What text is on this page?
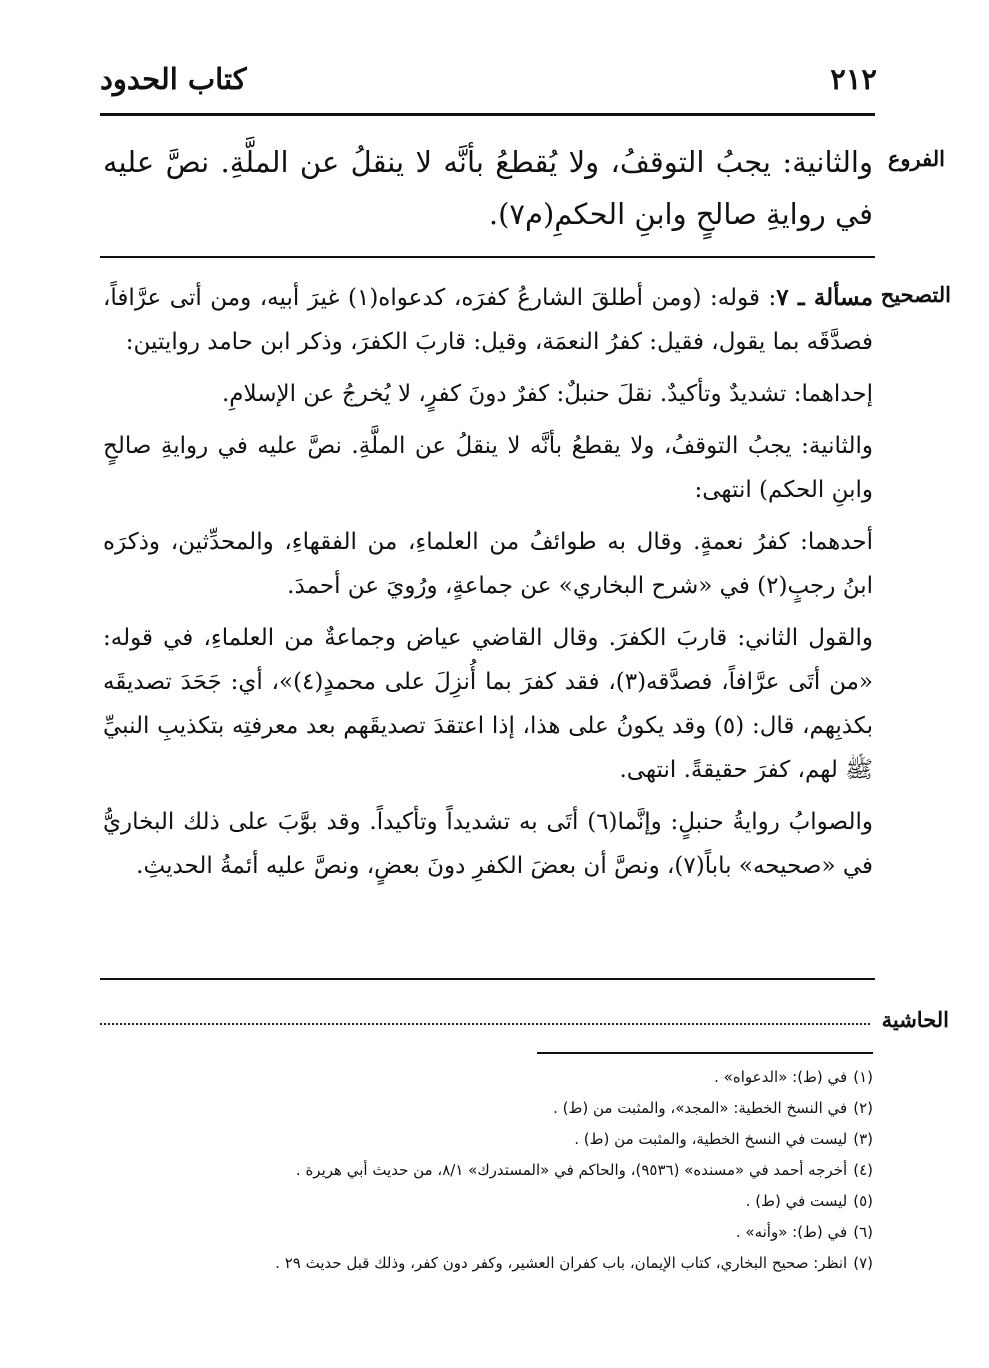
٢١٢
كتاب الحدود
الفروع
والثانية: يجبُ التوقفُ، ولا يُقطعُ بأنَّه لا ينقلُ عن الملَّةِ. نصَّ عليه في روايةِ صالحٍ وابنِ الحكمِ(م٧).
التصحيح

مسألة ـ ٧: قوله: (ومن أطلقَ الشارعُ كفرَه، كدعواه(١) غيرَ أبيه، ومن أتى عرَّافاً، فصدَّقَه بما يقول، فقيل: كفرُ النعمَة، وقيل: قاربَ الكفرَ، وذكر ابن حامد روايتين:

إحداهما: تشديدٌ وتأكيدٌ. نقلَ حنبلٌ: كفرٌ دونَ كفرٍ، لا يُخرجُ عن الإسلامِ.

والثانية: يجبُ التوقفُ، ولا يقطعُ بأنَّه لا ينقلُ عن الملَّةِ. نصَّ عليه في روايةِ صالحٍ وابنِ الحكم) انتهى:

أحدهما: كفرُ نعمةٍ. وقال به طوائفُ من العلماءِ، من الفقهاءِ، والمحدِّثين، وذكرَه ابنُ رجبٍ(٢) في «شرح البخاري» عن جماعةٍ، ورُويَ عن أحمدَ.

والقول الثاني: قاربَ الكفرَ. وقال القاضي عياض وجماعةٌ من العلماءِ، في قوله: «من أتَى عرَّافاً، فصدَّقه(٣)، فقد كفرَ بما أُنزِلَ على محمدٍ(٤)»، أي: جَحَدَ تصديقَه بكذبِهم، قال: (٥) وقد يكونُ على هذا، إذا اعتقدَ تصديقَهم بعد معرفتِه بتكذيبِ النبيِّ ﷺ لهم، كفرَ حقيقةً. انتهى.

والصوابُ روايةُ حنبلٍ: وإنَّما(٦) أتَى به تشديداً وتأكيداً. وقد بوَّبَ على ذلك البخاريُّ في «صحيحه» باباً(٧)، ونصَّ أن بعضَ الكفرِ دونَ بعضٍ، ونصَّ عليه أئمةُ الحديثِ.

الحاشية
(١)في (ط): «الدعواه» .
(٢)في النسخ الخطية: «المجد»، والمثبت من (ط) .
(٣)ليست في النسخ الخطية، والمثبت من (ط) .
(٤)أخرجه أحمد في «مسنده» (٩٥٣٦)، والحاكم في «المستدرك» ٨/١، من حديث أبي هريرة .
(٥)ليست في (ط) .
(٦)في (ط): «وأنه» .
(٧)انظر: صحيح البخاري، كتاب الإيمان، باب كفران العشير، وكفر دون كفر، وذلك قبل حديث ٢٩ .
